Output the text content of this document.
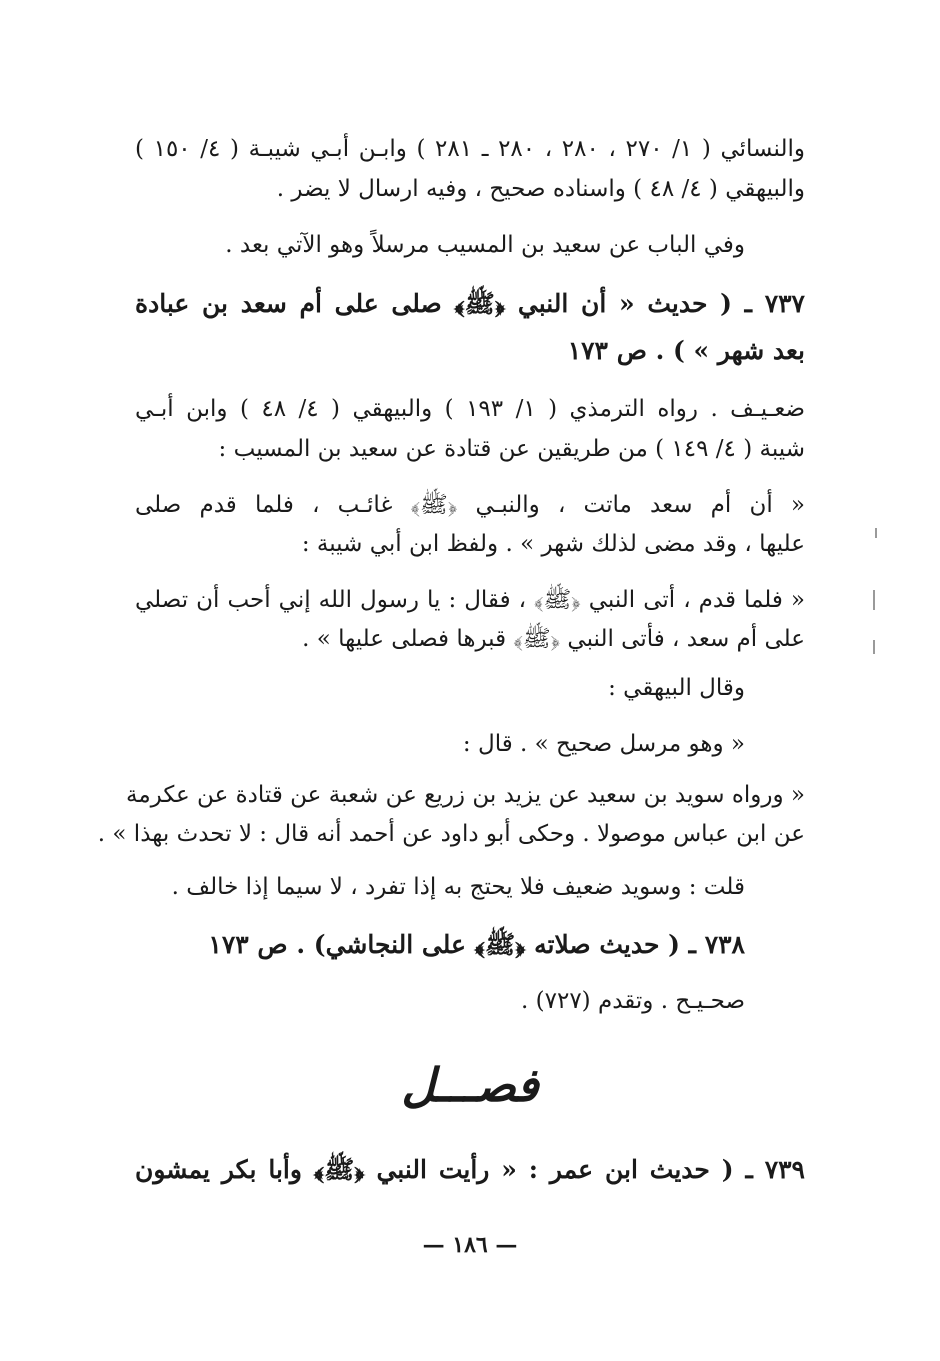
والنسائي ( ١/ ٢٧٠ ، ٢٨٠ ، ٢٨٠ ـ ٢٨١ ) وابـن أبـي شيبـة ( ٤/ ١٥٠ )
والبيهقي ( ٤/ ٤٨ ) واسناده صحيح ، وفيه ارسال لا يضر .
وفي الباب عن سعيد بن المسيب مرسلاً وهو الآتي بعد .
٧٣٧ ـ ( حديث « أن النبي ﴿ﷺ﴾ صلى على أم سعد بن عبادة
بعد شهر » ) . ص ١٧٣
ضعـيـف . رواه الترمذي ( ١/ ١٩٣ ) والبيهقي ( ٤/ ٤٨ ) وابن أبـي
شيبة ( ٤/ ١٤٩ ) من طريقين عن قتادة عن سعيد بن المسيب :
« أن أم سعد ماتت ، والنبـي ﴿ﷺ﴾ غائـب ، فلما قدم صلى
عليها ، وقد مضى لذلك شهر » . ولفظ ابن أبي شيبة :
« فلما قدم ، أتى النبي ﴿ﷺ﴾ ، فقال : يا رسول الله إني أحب أن تصلي
على أم سعد ، فأتى النبي ﴿ﷺ﴾ قبرها فصلى عليها » .
وقال البيهقي :
« وهو مرسل صحيح » . قال :
« ورواه سويد بن سعيد عن يزيد بن زريع عن شعبة عن قتادة عن عكرمة
عن ابن عباس موصولا . وحكى أبو داود عن أحمد أنه قال : لا تحدث بهذا » .
قلت : وسويد ضعيف فلا يحتج به إذا تفرد ، لا سيما إذا خالف .
٧٣٨ ـ ( حديث صلاته ﴿ﷺ﴾ على النجاشي) . ص ١٧٣
صحـيـح . وتقدم (٧٢٧) .
فصـــل
٧٣٩ ـ ( حديث ابن عمر : « رأيت النبي ﴿ﷺ﴾ وأبا بكر يمشون
— ١٨٦ —
